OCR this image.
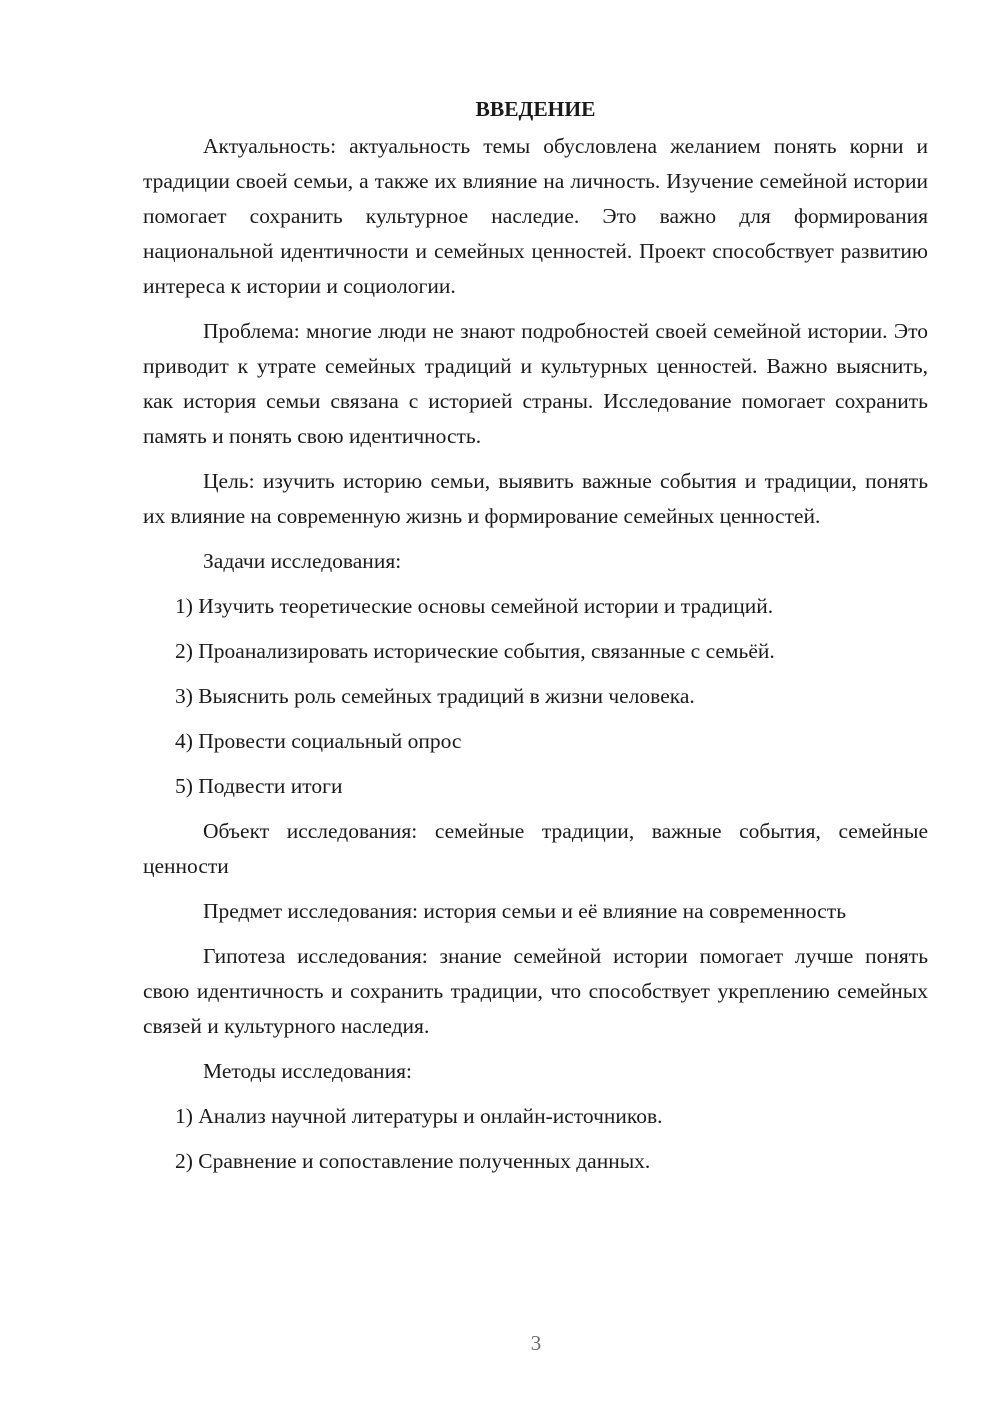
ВВЕДЕНИЕ

Актуальность: актуальность темы обусловлена желанием понять корни и традиции своей семьи, а также их влияние на личность. Изучение семейной истории помогает сохранить культурное наследие. Это важно для формирования национальной идентичности и семейных ценностей. Проект способствует развитию интереса к истории и социологии.

Проблема: многие люди не знают подробностей своей семейной истории. Это приводит к утрате семейных традиций и культурных ценностей. Важно выяснить, как история семьи связана с историей страны. Исследование помогает сохранить память и понять свою идентичность.

Цель: изучить историю семьи, выявить важные события и традиции, понять их влияние на современную жизнь и формирование семейных ценностей.

Задачи исследования:

1) Изучить теоретические основы семейной истории и традиций.

2) Проанализировать исторические события, связанные с семьёй.

3) Выяснить роль семейных традиций в жизни человека.

4) Провести социальный опрос

5) Подвести итоги

Объект исследования: семейные традиции, важные события, семейные ценности

Предмет исследования: история семьи и её влияние на современность

Гипотеза исследования: знание семейной истории помогает лучше понять свою идентичность и сохранить традиции, что способствует укреплению семейных связей и культурного наследия.

Методы исследования:

1) Анализ научной литературы и онлайн-источников.

2) Сравнение и сопоставление полученных данных.

3
